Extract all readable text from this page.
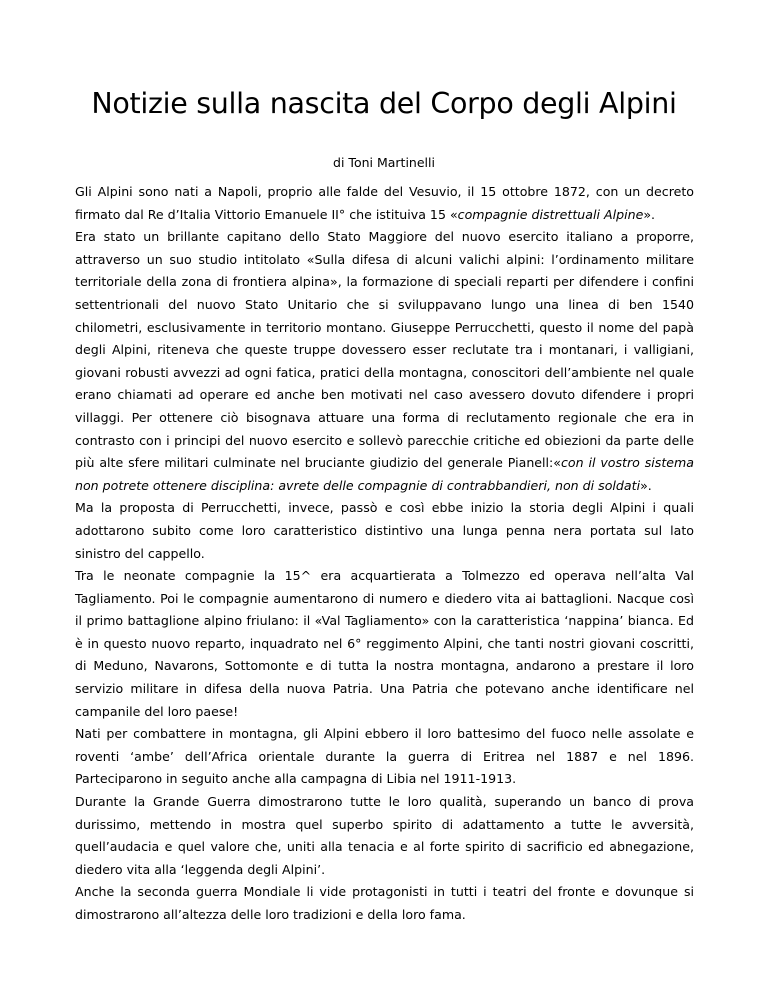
Notizie sulla nascita del Corpo degli Alpini
di Toni Martinelli

Gli Alpini sono nati a Napoli, proprio alle falde del Vesuvio, il 15 ottobre 1872, con un decreto firmato dal Re d’Italia Vittorio Emanuele II° che istituiva 15 «compagnie distrettuali Alpine».

Era stato un brillante capitano dello Stato Maggiore del nuovo esercito italiano a proporre, attraverso un suo studio intitolato «Sulla difesa di alcuni valichi alpini: l’ordinamento militare territoriale della zona di frontiera alpina», la formazione di speciali reparti per difendere i confini settentrionali del nuovo Stato Unitario che si sviluppavano lungo una linea di ben 1540 chilometri, esclusivamente in territorio montano. Giuseppe Perrucchetti, questo il nome del papà degli Alpini, riteneva che queste truppe dovessero esser reclutate tra i montanari, i valligiani, giovani robusti avvezzi ad ogni fatica, pratici della montagna, conoscitori dell’ambiente nel quale erano chiamati ad operare ed anche ben motivati nel caso avessero dovuto difendere i propri villaggi. Per ottenere ciò bisognava attuare una forma di reclutamento regionale che era in contrasto con i principi del nuovo esercito e sollevò parecchie critiche ed obiezioni da parte delle più alte sfere militari culminate nel bruciante giudizio del generale Pianell:«con il vostro sistema non potrete ottenere disciplina: avrete delle compagnie di contrabbandieri, non di soldati».

Ma la proposta di Perrucchetti, invece, passò e così ebbe inizio la storia degli Alpini i quali adottarono subito come loro caratteristico distintivo una lunga penna nera portata sul lato sinistro del cappello.

Tra le neonate compagnie la 15^ era acquartierata a Tolmezzo ed operava nell’alta Val Tagliamento. Poi le compagnie aumentarono di numero e diedero vita ai battaglioni. Nacque così il primo battaglione alpino friulano: il «Val Tagliamento» con la caratteristica ‘nappina’ bianca. Ed è in questo nuovo reparto, inquadrato nel 6° reggimento Alpini, che tanti nostri giovani coscritti, di Meduno, Navarons, Sottomonte e di tutta la nostra montagna, andarono a prestare il loro servizio militare in difesa della nuova Patria. Una Patria che potevano anche identificare nel campanile del loro paese!

Nati per combattere in montagna, gli Alpini ebbero il loro battesimo del fuoco nelle assolate e roventi ‘ambe’ dell’Africa orientale durante la guerra di Eritrea nel 1887 e nel 1896. Parteciparono in seguito anche alla campagna di Libia nel 1911-1913.

Durante la Grande Guerra dimostrarono tutte le loro qualità, superando un banco di prova durissimo, mettendo in mostra quel superbo spirito di adattamento a tutte le avversità, quell’audacia e quel valore che, uniti alla tenacia e al forte spirito di sacrificio ed abnegazione, diedero vita alla ‘leggenda degli Alpini’.

Anche la seconda guerra Mondiale li vide protagonisti in tutti i teatri del fronte e dovunque si dimostrarono all’altezza delle loro tradizioni e della loro fama.
